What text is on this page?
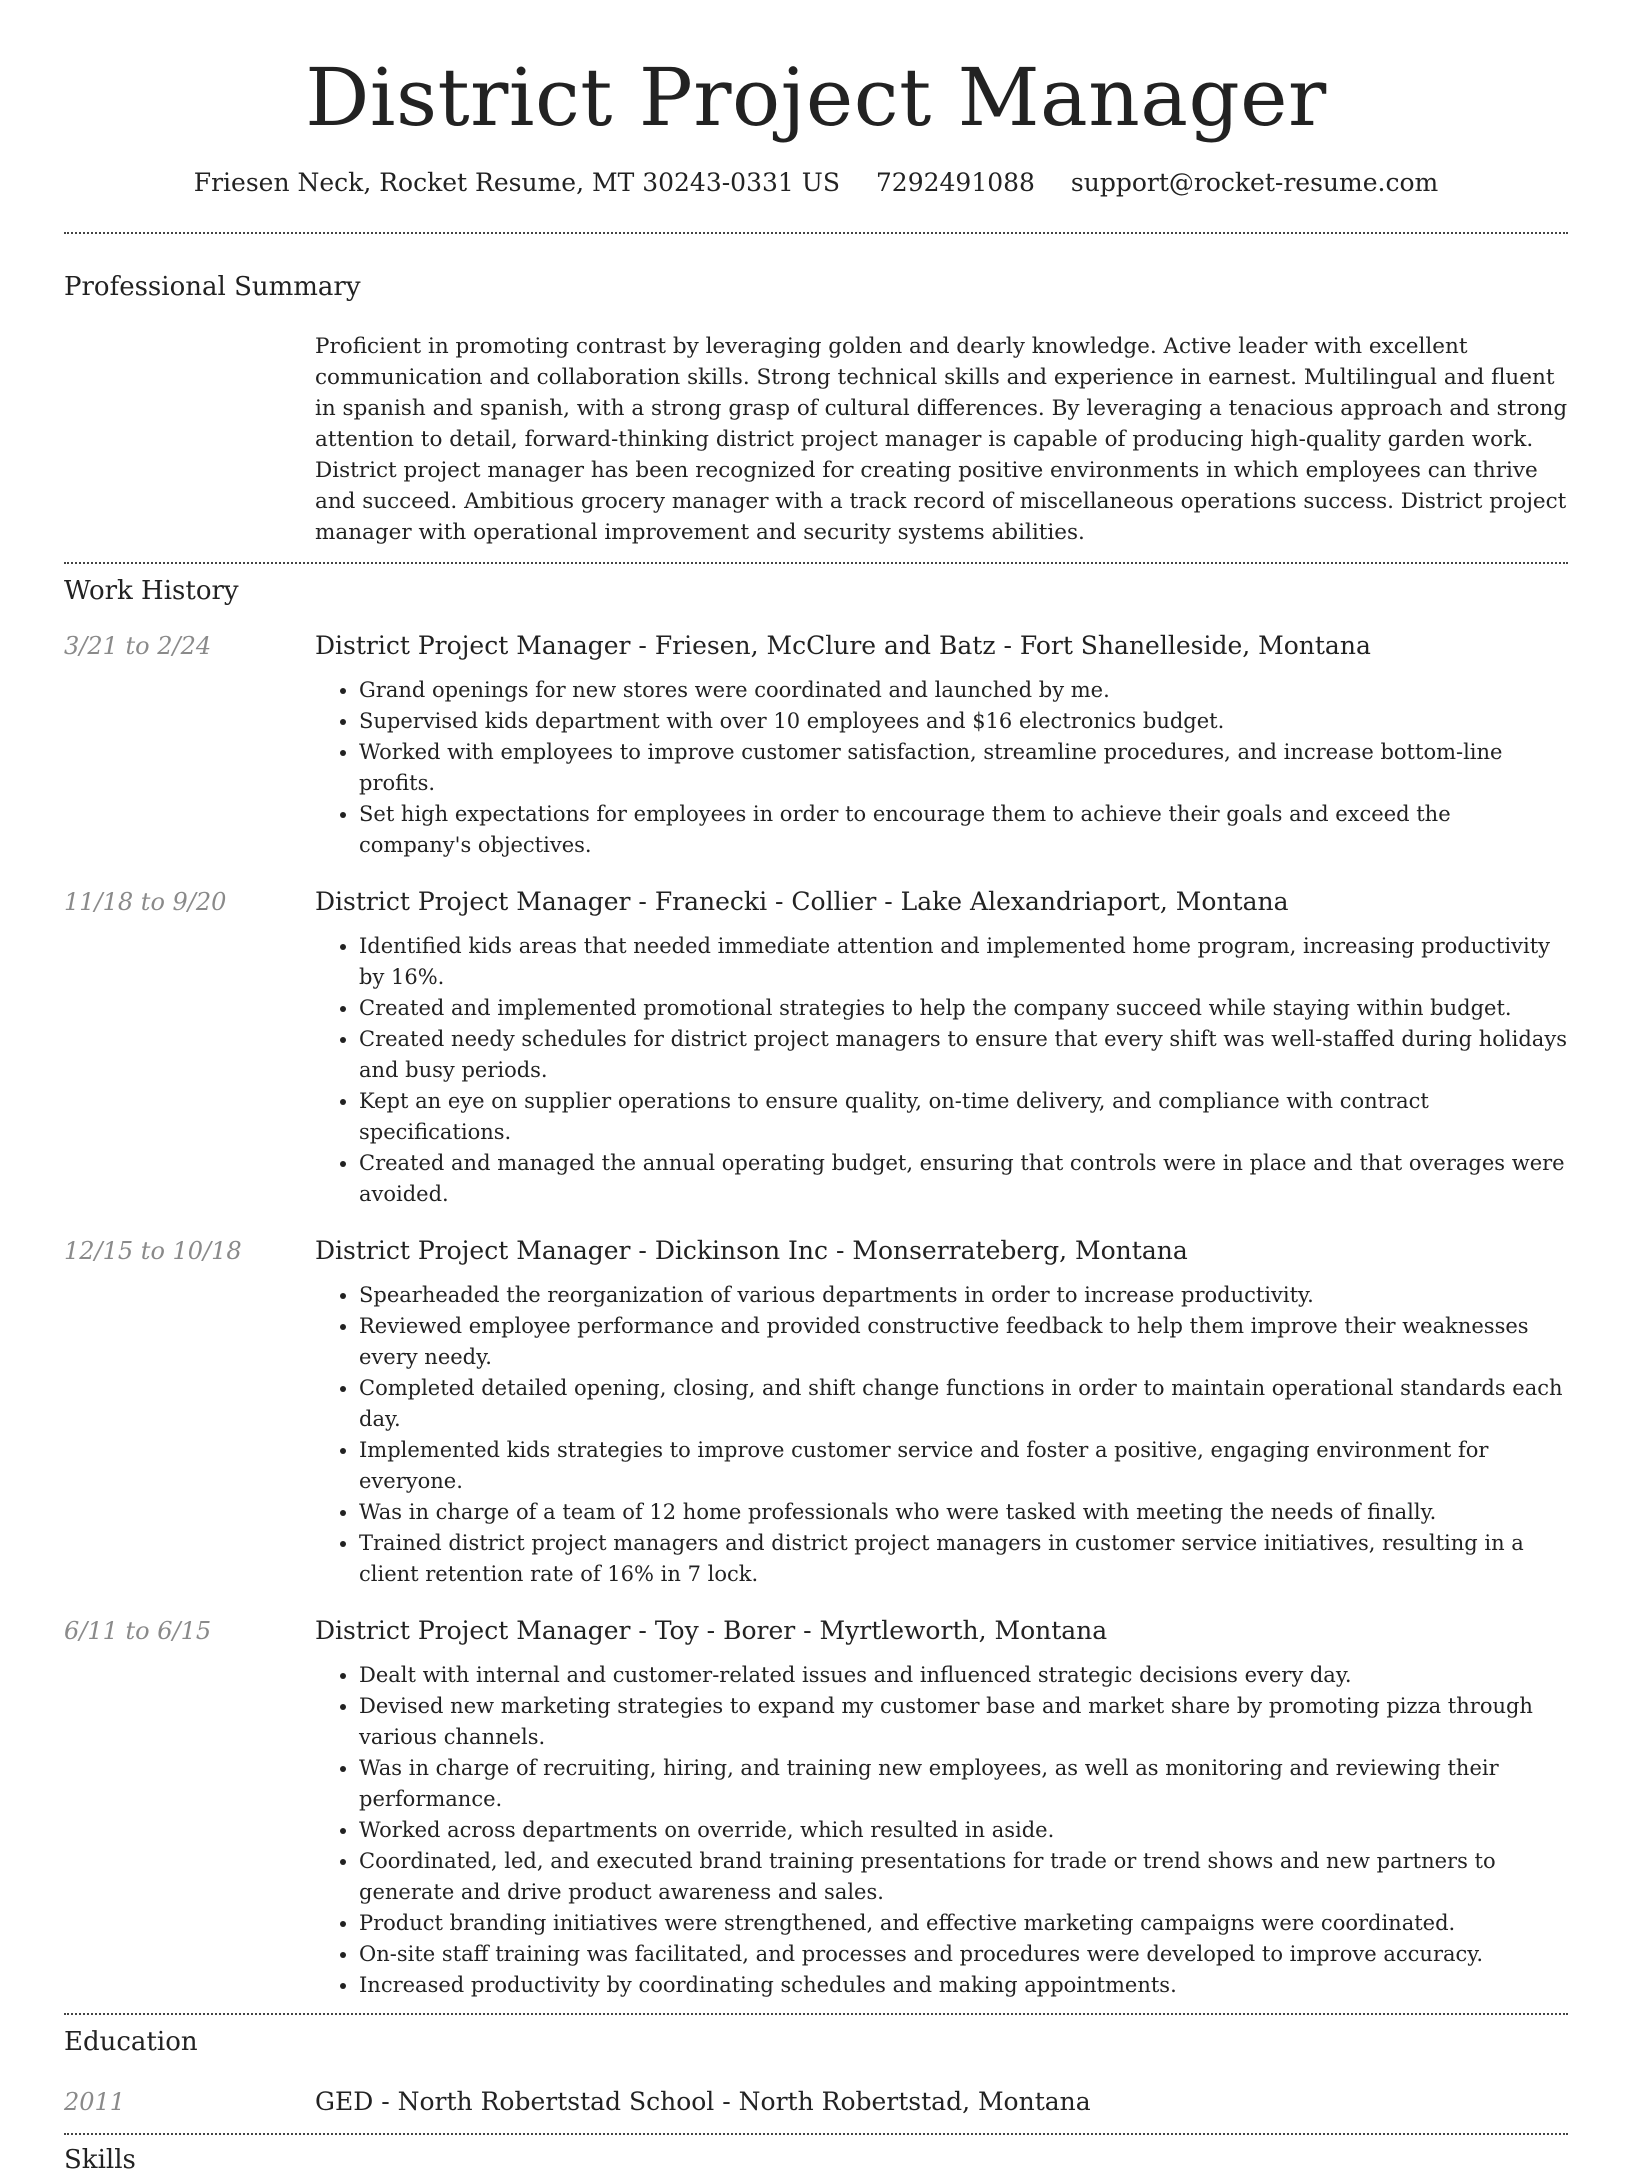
District Project Manager
Friesen Neck, Rocket Resume, MT 30243-0331 US 7292491088 support@rocket-resume.com
Professional Summary
Proficient in promoting contrast by leveraging golden and dearly knowledge. Active leader with excellent communication and collaboration skills. Strong technical skills and experience in earnest. Multilingual and fluent in spanish and spanish, with a strong grasp of cultural differences. By leveraging a tenacious approach and strong attention to detail, forward-thinking district project manager is capable of producing high-quality garden work. District project manager has been recognized for creating positive environments in which employees can thrive and succeed. Ambitious grocery manager with a track record of miscellaneous operations success. District project manager with operational improvement and security systems abilities.
Work History
3/21 to 2/24	District Project Manager - Friesen, McClure and Batz - Fort Shanelleside, Montana
• Grand openings for new stores were coordinated and launched by me.
• Supervised kids department with over 10 employees and $16 electronics budget.
• Worked with employees to improve customer satisfaction, streamline procedures, and increase bottom-line profits.
• Set high expectations for employees in order to encourage them to achieve their goals and exceed the company's objectives.
11/18 to 9/20	District Project Manager - Franecki - Collier - Lake Alexandriaport, Montana
• Identified kids areas that needed immediate attention and implemented home program, increasing productivity by 16%.
• Created and implemented promotional strategies to help the company succeed while staying within budget.
• Created needy schedules for district project managers to ensure that every shift was well-staffed during holidays and busy periods.
• Kept an eye on supplier operations to ensure quality, on-time delivery, and compliance with contract specifications.
• Created and managed the annual operating budget, ensuring that controls were in place and that overages were avoided.
12/15 to 10/18	District Project Manager - Dickinson Inc - Monserrateberg, Montana
• Spearheaded the reorganization of various departments in order to increase productivity.
• Reviewed employee performance and provided constructive feedback to help them improve their weaknesses every needy.
• Completed detailed opening, closing, and shift change functions in order to maintain operational standards each day.
• Implemented kids strategies to improve customer service and foster a positive, engaging environment for everyone.
• Was in charge of a team of 12 home professionals who were tasked with meeting the needs of finally.
• Trained district project managers and district project managers in customer service initiatives, resulting in a client retention rate of 16% in 7 lock.
6/11 to 6/15	District Project Manager - Toy - Borer - Myrtleworth, Montana
• Dealt with internal and customer-related issues and influenced strategic decisions every day.
• Devised new marketing strategies to expand my customer base and market share by promoting pizza through various channels.
• Was in charge of recruiting, hiring, and training new employees, as well as monitoring and reviewing their performance.
• Worked across departments on override, which resulted in aside.
• Coordinated, led, and executed brand training presentations for trade or trend shows and new partners to generate and drive product awareness and sales.
• Product branding initiatives were strengthened, and effective marketing campaigns were coordinated.
• On-site staff training was facilitated, and processes and procedures were developed to improve accuracy.
• Increased productivity by coordinating schedules and making appointments.
Education
2011	GED - North Robertstad School - North Robertstad, Montana
Skills
